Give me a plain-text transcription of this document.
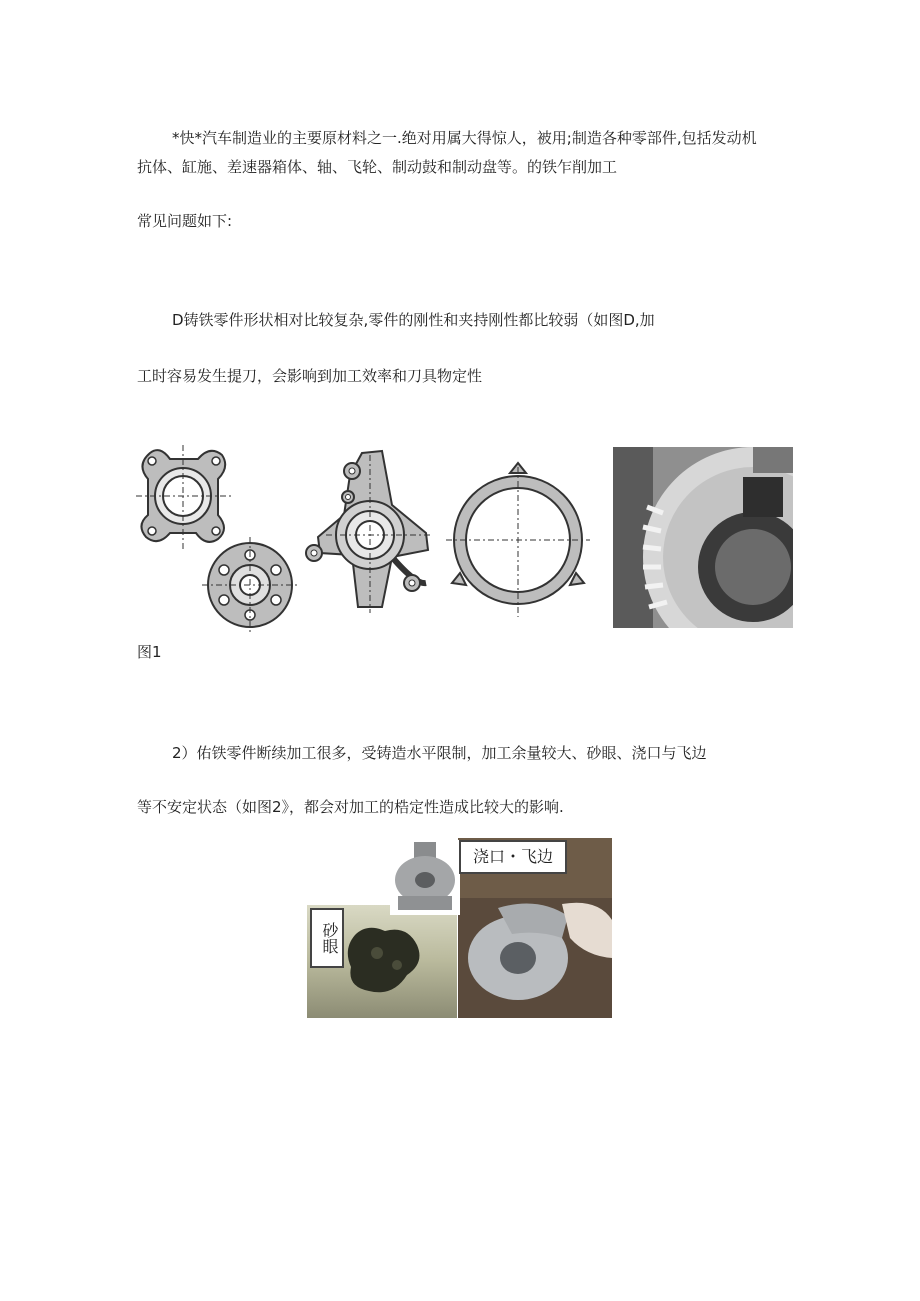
*快*汽车制造业的主要原材料之一.绝对用属大得惊人，被用;制造各种零部件,包括发动机
抗体、缸施、差速器箱体、轴、飞轮、制动鼓和制动盘等。的铁乍削加工
常见问题如下:
D铸铁零件形状相对比较复杂,零件的刚性和夹持刚性都比较弱（如图D,加
工时容易发生提刀，会影响到加工效率和刀具物定性
图1
2）佑铁零件断续加工很多，受铸造水平限制，加工余量较大、砂眼、浇口与飞边
等不安定状态（如图2》，都会对加工的梏定性造成比较大的影响.
砂眼
浇口・飞边
